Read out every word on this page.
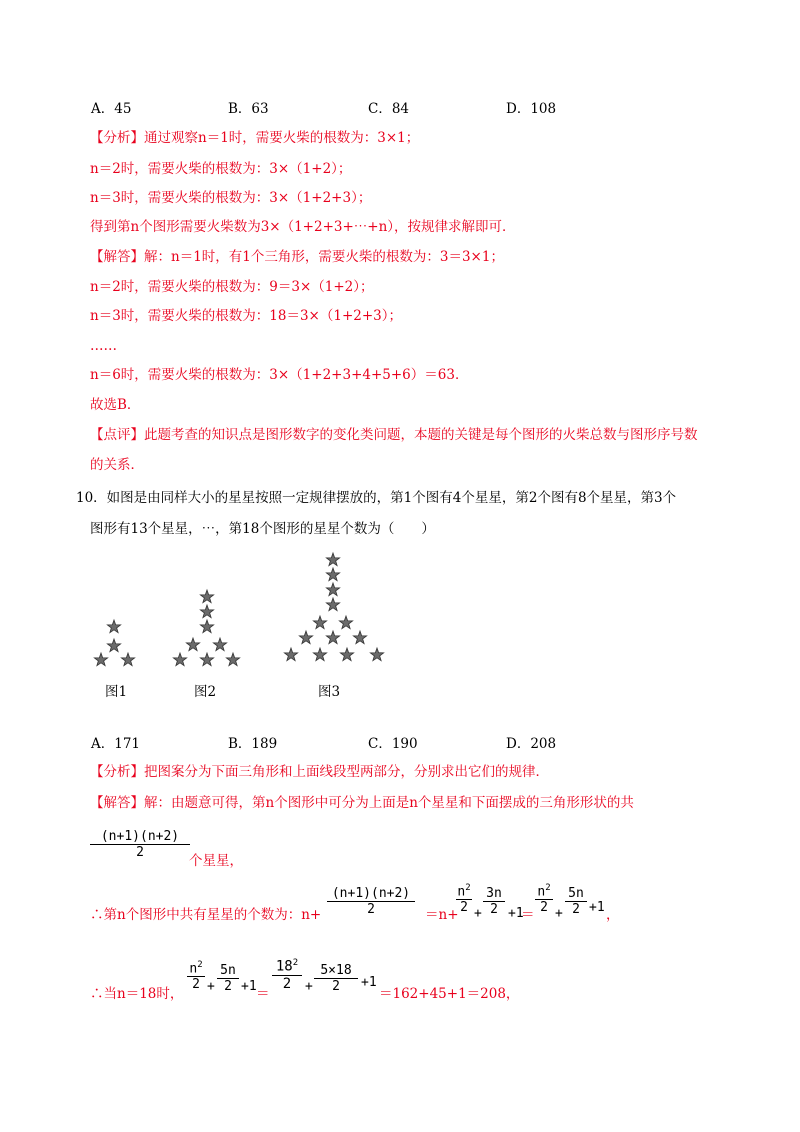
A．45	B．63	C．84	D．108
【分析】通过观察n＝1时，需要火柴的根数为：3×1；
n＝2时，需要火柴的根数为：3×（1+2）；
n＝3时，需要火柴的根数为：3×（1+2+3）；
得到第n个图形需要火柴数为3×（1+2+3+⋯+n），按规律求解即可．
【解答】解：n＝1时，有1个三角形，需要火柴的根数为：3＝3×1；
n＝2时，需要火柴的根数为：9＝3×（1+2）；
n＝3时，需要火柴的根数为：18＝3×（1+2+3）；
……
n＝6时，需要火柴的根数为：3×（1+2+3+4+5+6）＝63．
故选B．
【点评】此题考查的知识点是图形数字的变化类问题，本题的关键是每个图形的火柴总数与图形序号数
的关系．
10．如图是由同样大小的星星按照一定规律摆放的，第1个图有4个星星，第2个图有8个星星，第3个
图形有13个星星，⋯，第18个图形的星星个数为（　　）
图1	图2	图3
A．171	B．189	C．190	D．208
【分析】把图案分为下面三角形和上面线段型两部分，分别求出它们的规律．
【解答】解：由题意可得，第n个图形中可分为上面是n个星星和下面摆成的三角形形状的共
(n+1)(n+2)
2
个星星，
∴第n个图形中共有星星的个数为：n+
(n+1)(n+2)
2	＝n+
$n^2$
2 +
3n
2 +1
＝
$n^2$
2 +
5n
2 +1 ，
∴当n＝18时，
$n^2$
2 +
5n
2 +1 ＝
$18^2$
2	+
5×18
2	+1
＝162+45+1＝208，
